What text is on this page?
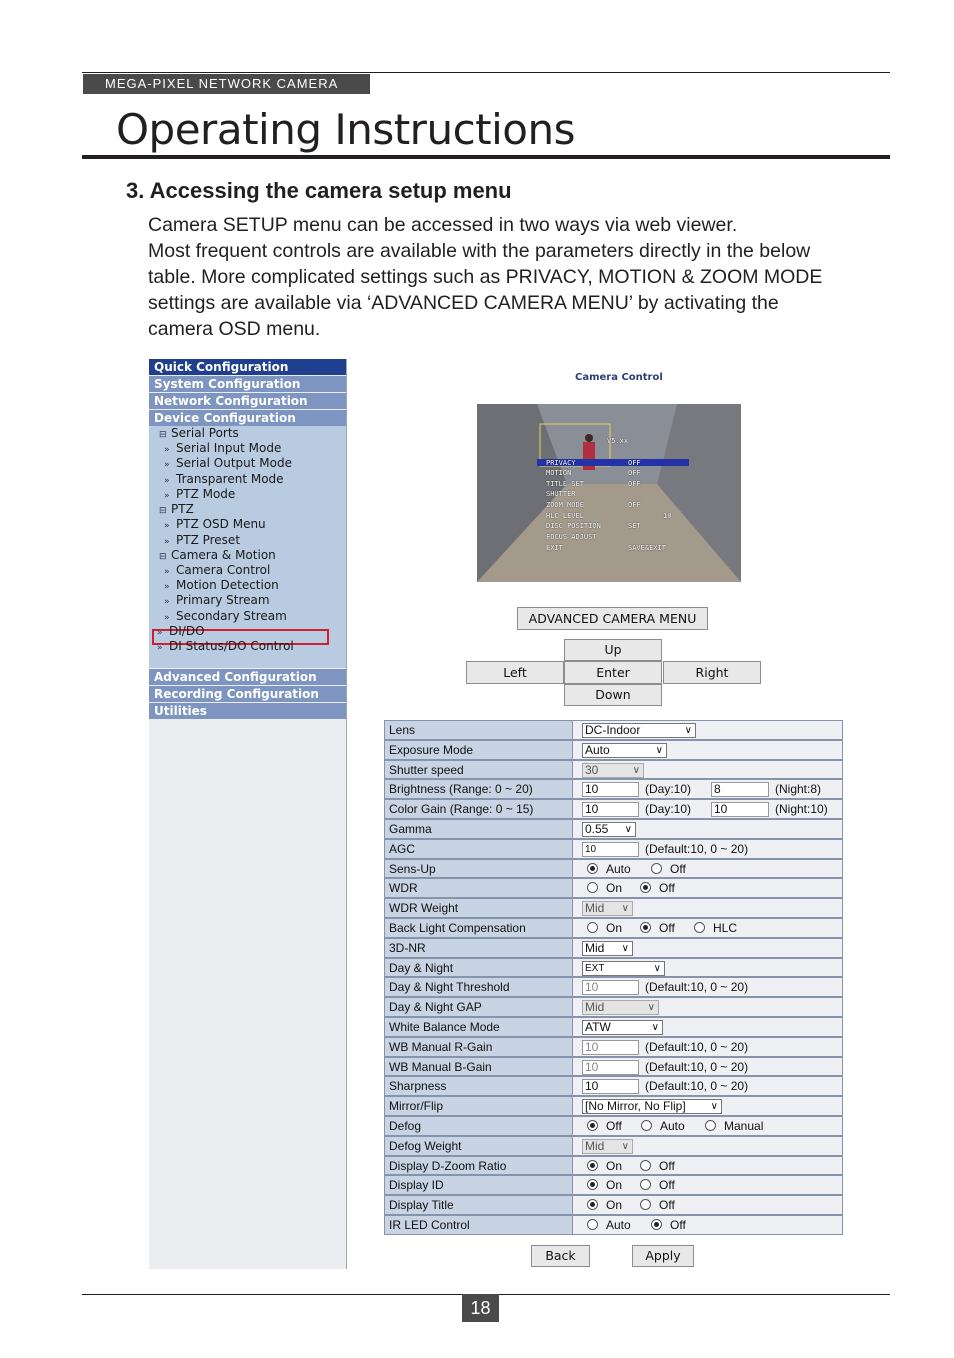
MEGA-PIXEL NETWORK CAMERA
Operating Instructions
3. Accessing the camera setup menu

Camera SETUP menu can be accessed in two ways via web viewer.

Most frequent controls are available with the parameters directly in the below

table. More complicated settings such as PRIVACY, MOTION & ZOOM MODE

settings are available via ‘ADVANCED CAMERA MENU’ by activating the

camera OSD menu.

Quick Configuration
System Configuration
Network Configuration
Device Configuration
⊟ Serial Ports
» Serial Input Mode
» Serial Output Mode
» Transparent Mode
» PTZ Mode
⊟ PTZ
» PTZ OSD Menu
» PTZ Preset
⊟ Camera & Motion
» Camera Control
» Motion Detection
» Primary Stream
» Secondary Stream
» DI/DO
» DI Status/DO Control
Advanced Configuration
Recording Configuration
Utilities
Camera Control
V5.xx
PRIVACY	OFF
MOTION	OFF
TITLE SET	OFF
SHUTTER
ZOOM MODE	OFF
HLC LEVEL	10
DISC POSITION	SET
FOCUS ADJUST
EXIT	SAVE&EXIT
ADVANCED CAMERA MENU
Up
Left	Enter	Right
Down
Lens	DC-Indoor	∨
Exposure Mode	Auto	∨
Shutter speed	30	∨
Brightness (Range: 0 ~ 20)	10	(Day:10) 8	(Night:8)
Color Gain (Range: 0 ~ 15)	10	(Day:10) 10	(Night:10)
Gamma	0.55 ∨
AGC	10	(Default:10, 0 ~ 20)
Sens-Up	Auto	Off
WDR	On	Off
WDR Weight	Mid ∨
Back Light Compensation	On	Off	HLC
3D-NR	Mid ∨
Day & Night	EXT	∨
Day & Night Threshold	10	(Default:10, 0 ~ 20)
Day & Night GAP	Mid	∨
White Balance Mode	ATW	∨
WB Manual R-Gain	10	(Default:10, 0 ~ 20)
WB Manual B-Gain	10	(Default:10, 0 ~ 20)
Sharpness	10	(Default:10, 0 ~ 20)
Mirror/Flip	[No Mirror, No Flip] ∨
Defog	Off	Auto	Manual
Defog Weight	Mid ∨
Display D-Zoom Ratio	On	Off
Display ID	On	Off
Display Title	On	Off
IR LED Control	Auto	Off
Back	Apply
18
